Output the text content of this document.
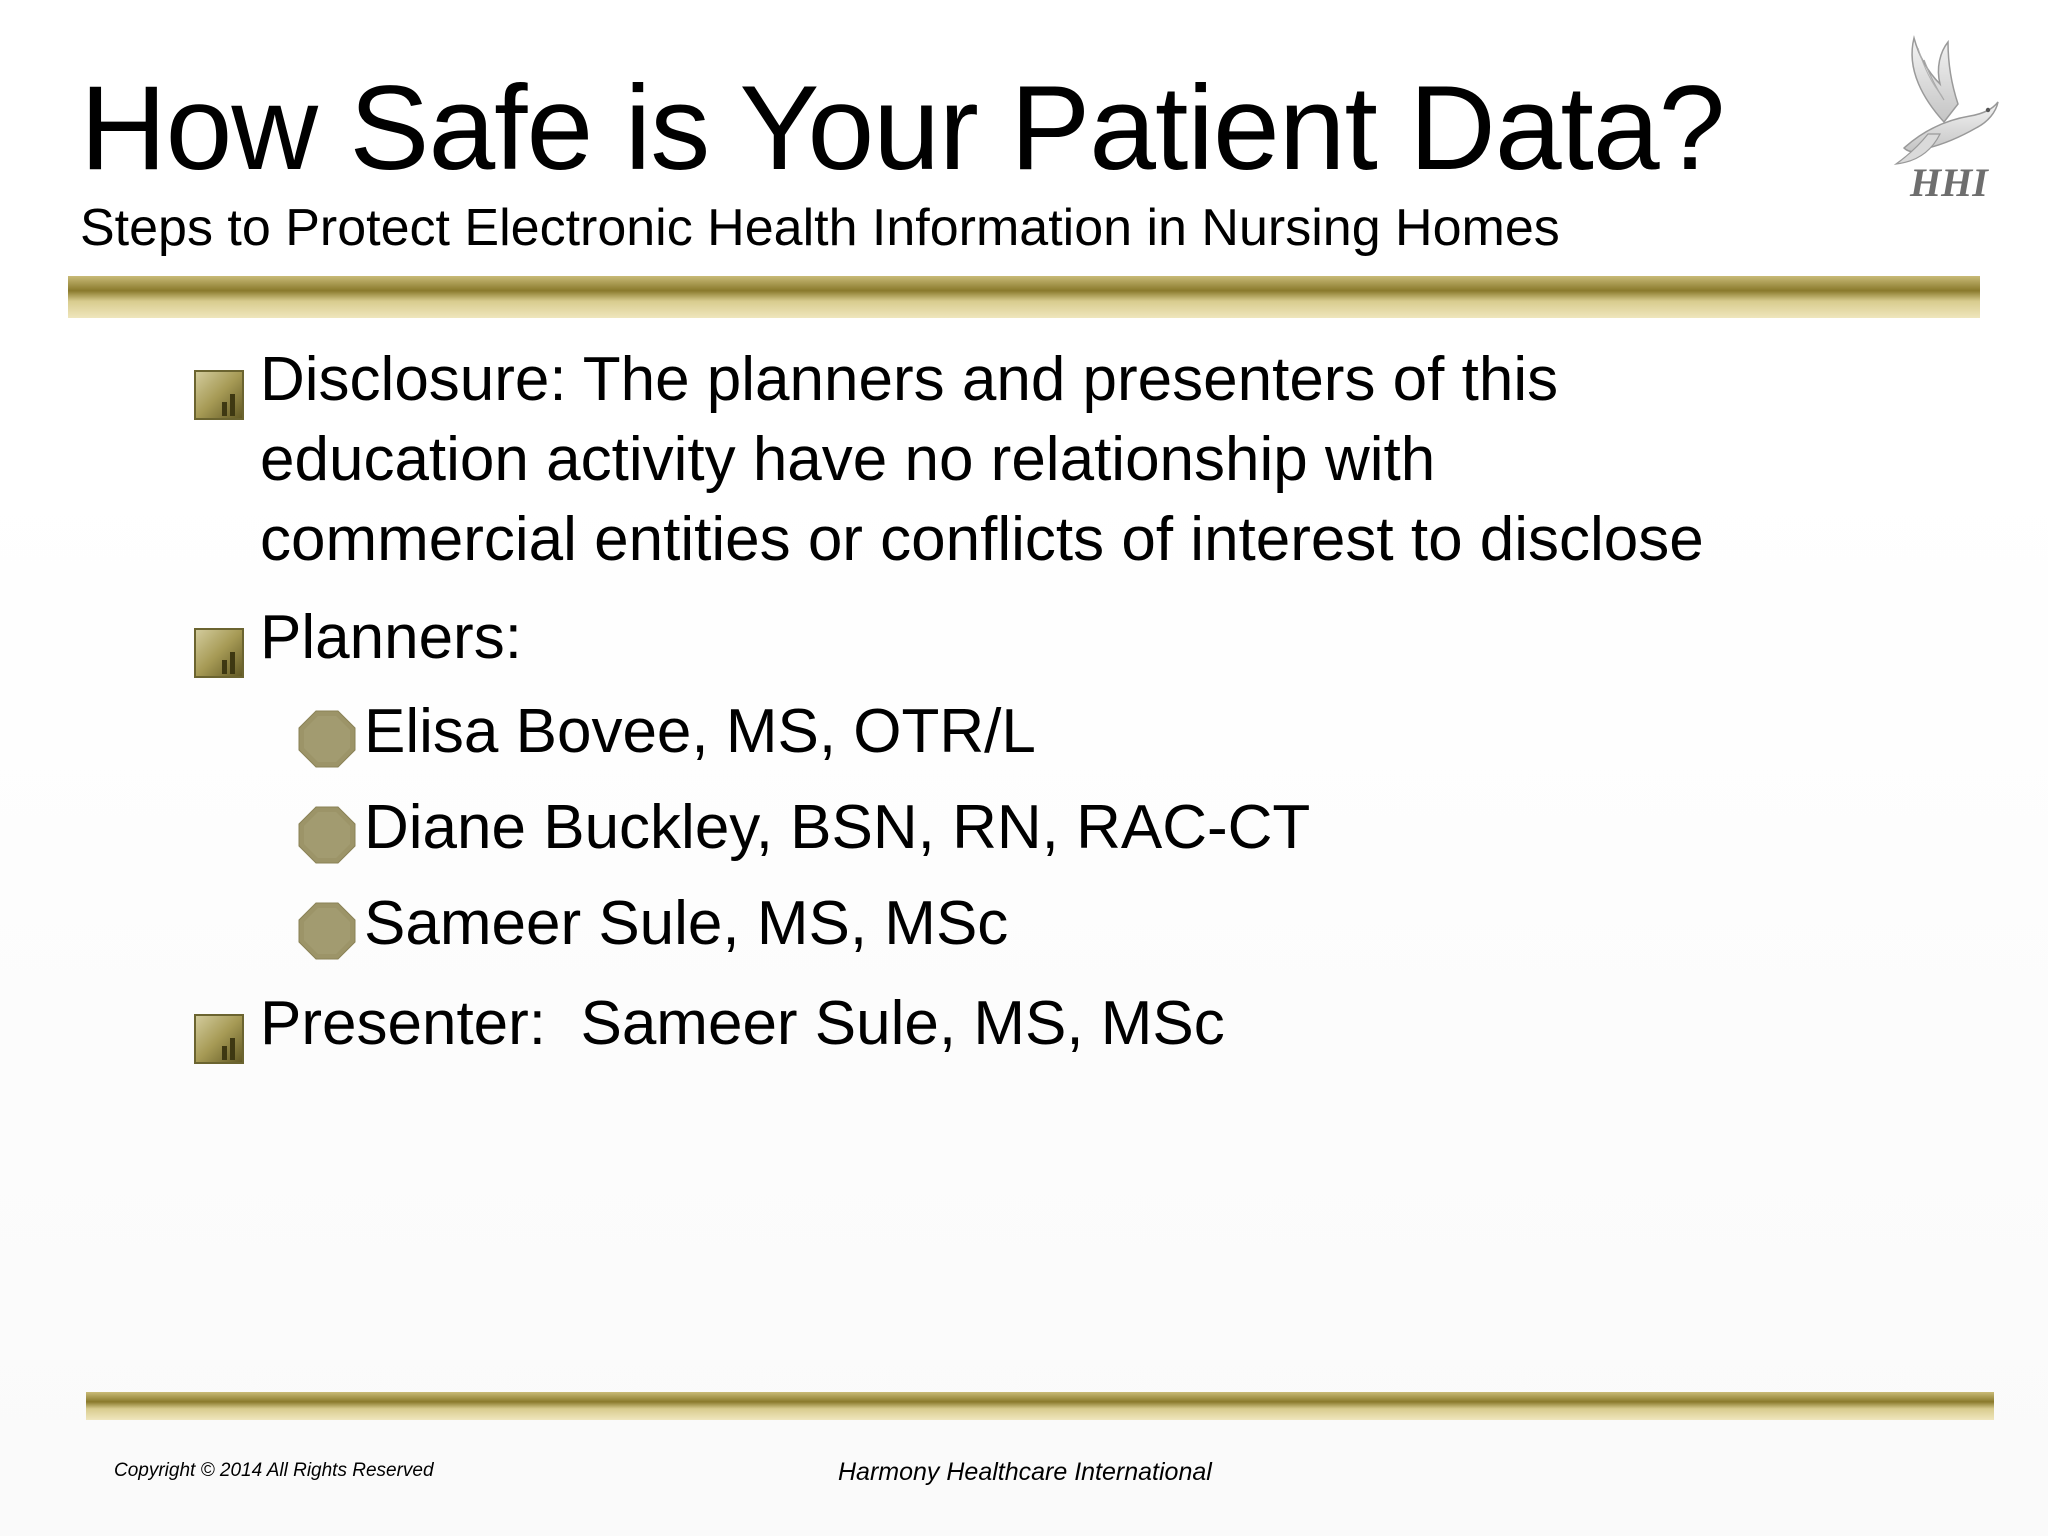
How Safe is Your Patient Data?
Steps to Protect Electronic Health Information in Nursing Homes
HHI
Disclosure: The planners and presenters of this
education activity have no relationship with
commercial entities or conflicts of interest to disclose
Planners:
Elisa Bovee, MS, OTR/L
Diane Buckley, BSN, RN, RAC-CT
Sameer Sule, MS, MSc
Presenter:  Sameer Sule, MS, MSc
Copyright © 2014 All Rights Reserved	Harmony Healthcare International
